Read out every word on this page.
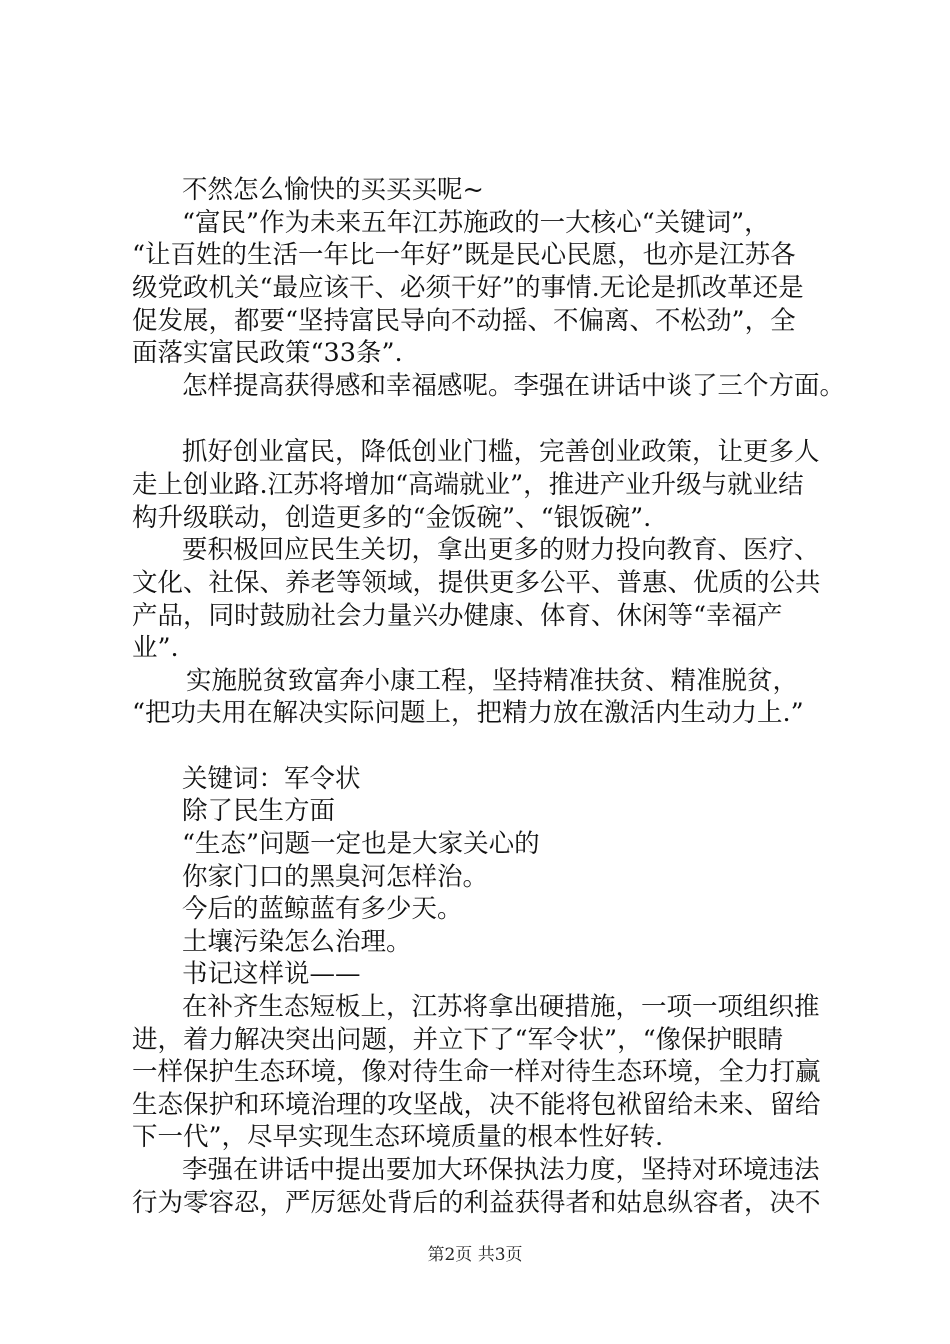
不然怎么愉快的买买买呢~
“富民”作为未来五年江苏施政的一大核心“关键词”，
“让百姓的生活一年比一年好”既是民心民愿，也亦是江苏各
级党政机关“最应该干、必须干好”的事情.无论是抓改革还是
促发展，都要“坚持富民导向不动摇、不偏离、不松劲”，全
面落实富民政策“33条”.
怎样提高获得感和幸福感呢。李强在讲话中谈了三个方面。
抓好创业富民，降低创业门槛，完善创业政策，让更多人
走上创业路.江苏将增加“高端就业”，推进产业升级与就业结
构升级联动，创造更多的“金饭碗”、“银饭碗”.
要积极回应民生关切，拿出更多的财力投向教育、医疗、
文化、社保、养老等领域，提供更多公平、普惠、优质的公共
产品，同时鼓励社会力量兴办健康、体育、休闲等“幸福产
业”.
实施脱贫致富奔小康工程，坚持精准扶贫、精准脱贫，
“把功夫用在解决实际问题上，把精力放在激活内生动力上.”
关键词：军令状
除了民生方面
“生态”问题一定也是大家关心的
你家门口的黑臭河怎样治。
今后的蓝鲸蓝有多少天。
土壤污染怎么治理。
书记这样说——
在补齐生态短板上，江苏将拿出硬措施，一项一项组织推
进，着力解决突出问题，并立下了“军令状”，“像保护眼睛
一样保护生态环境，像对待生命一样对待生态环境，全力打赢
生态保护和环境治理的攻坚战，决不能将包袱留给未来、留给
下一代”，尽早实现生态环境质量的根本性好转.
李强在讲话中提出要加大环保执法力度，坚持对环境违法
行为零容忍，严厉惩处背后的利益获得者和姑息纵容者，决不
第2页 共3页
